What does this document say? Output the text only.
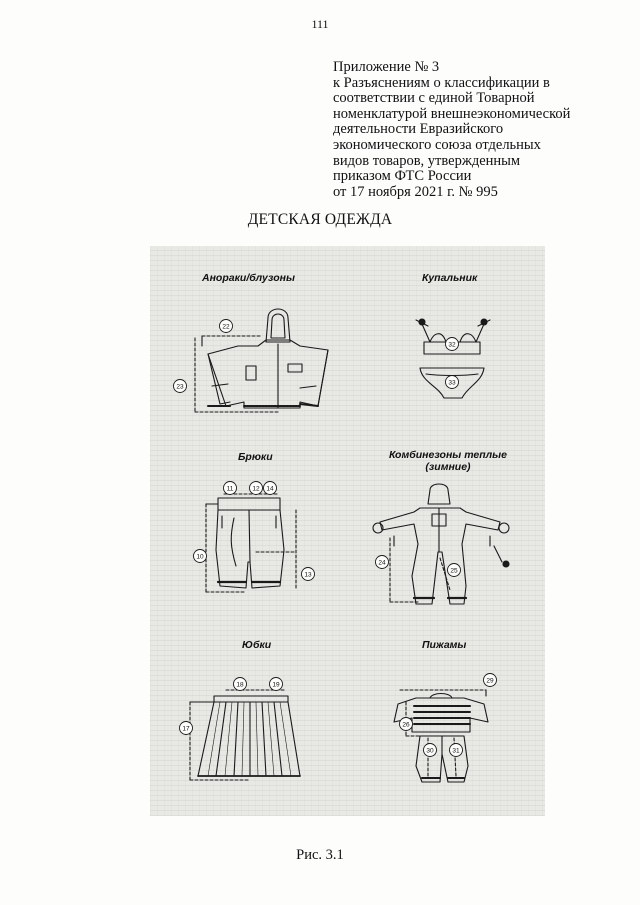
111
Приложение № 3
к Разъяснениям о классификации в
соответствии с единой Товарной
номенклатурой внешнеэкономической
деятельности Евразийского
экономического союза отдельных
видов товаров, утвержденным
приказом ФТС России
от 17 ноября 2021 г. № 995
ДЕТСКАЯ ОДЕЖДА
22
23
32
33
11	12 14
10
13
24
25
18	19
17
29
26
30	31
Анораки/блузоны	Купальник
Брюки	Комбинезоны теплые
(зимние)
Юбки	Пижамы
Рис. 3.1
